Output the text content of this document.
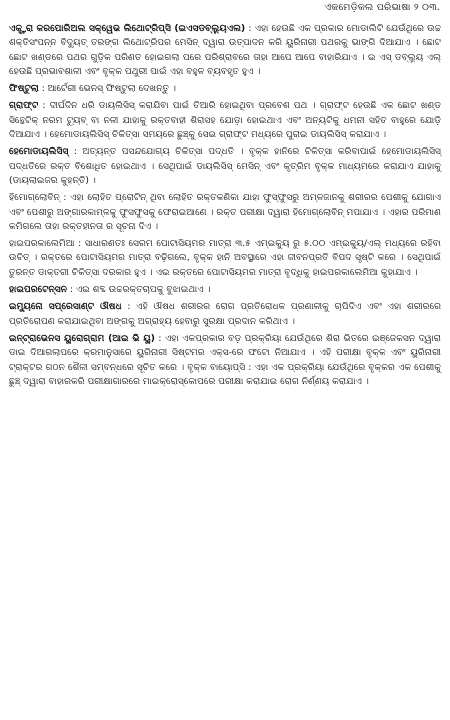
ଏକମେଡ଼ିକଲ ପରିଭାଷା ୨ ୦୩.

ଏକ୍ସ୍ଟ୍ରା କରପୋରିଅଲ ସକ୍‌ୱେଭ ଲିଥୋଟ୍ରିପ୍‌ସି (ଇଏସଡବ୍ଲ୍ୟୁଏଲ) : ଏହା ହେଉଛି ଏକ ପ୍ରକାର ମୋଡାଲିଟି ଯେଉଁଥିରେ ଉଚ୍ଚ ଶକ୍ତିସଂପନ୍ନ ବିଦ୍ୟୁତ୍ ତରଙ୍ଗ ଲିଥୋଟ୍ରିପର ମେସିନ୍ ଦ୍ୱାରା ଉତ୍ପାଦନ କରି ୟୁରିନାରୀ ପଥରକୁ ଭାଙ୍ଗି ଦିଆଯାଏ । ଛୋଟ ଛୋଟ ଖଣ୍ଡରେ ପଥର ଗୁଡ଼ିକ ପରିଣତ ହୋଇଗଲା ପରେ ପରିଶ୍ରାବରେ ତାହା ଆପେ ଆପେ ବାହାରିଯାଏ । ଇ ଏସ୍ ଡବ୍ଲ୍ୟୁ ଏଲ୍ ହେଉଛି ପ୍ରଭାବଶାଳୀ ଏବଂ ବୃକ୍କ ପଥୁରୀ ପାଇଁ ଏହା ବହୁଳ ବ୍ୟବହୃତ ହୁଏ ।

ଫିଷ୍ଟୁଲା : ଆର୍ଟେରୀ ଭେନସ୍ ଫିଷ୍ଟୁଲା ଦେଖନ୍ତୁ ।

ଗ୍ରାଫ୍ଟ : ଦୀର୍ଘଦିନ ଧରି ଡାୟଲିସିସ୍ କରାଯିବା ପାଇଁ ତିଆରି ହୋଇଥିବା ପ୍ରବେଶ ପଥ । ଗ୍ରାଫ୍ଟ ହେଉଛି ଏକ ଛୋଟ ଖଣ୍ଡ ସିନ୍ଥେଟିକ୍ ନରମ ଟ୍ୟୁବ୍ ବା ନଳୀ ଯାହାକୁ ରକ୍ତବାହୀ ଶିରାସହ ଯୋଡ଼ା ହୋଇଥାଏ ଏବଂ ଅନ୍ୟଟିକୁ ଧମନୀ ସହିତ ବାହୁରେ ଯୋଡ଼ି ଦିଆଯାଏ । ହେମୋଡାୟଲିସିସ୍ ଚିକିତ୍ସା ସମୟରେ ଛୁଞ୍ଚ୍କୁ ସେଇ ଗ୍ରାଫ୍ଟ ମଧ୍ୟରେ ପୁରାଇ ଡାୟଲିସିସ୍ କରାଯାଏ ।

ହେମୋଡାୟଲିସିସ୍ : ଅତ୍ୟନ୍ତ ପସନ୍ଦଯୋଗ୍ୟ ଚିକିତ୍ସା ପଦ୍ଧତି । ବୃକ୍କ ହାନିରେ ଚିକିତ୍ସା କରିବାପାଇଁ ହେମୋଡାୟଲିସିସ୍ ପଦ୍ଧତିରେ ରକ୍ତ ବିଶୋଧିତ ହୋଇଥାଏ । ସେଥିପାଇଁ ଡାୟଲିସିସ୍ ମେସିନ୍ ଏବଂ କୃତ୍ରିମ ବୃକ୍କ ମାଧ୍ୟମରେ କରାଯାଏ ଯାହାକୁ (ଡାୟଲାଇଜର କୁହନ୍ତି) ।

ହିମୋଗ୍ଲୋବିନ୍ : ଏହା ଲୋହିତ ପ୍ରୋଟିନ୍ ଥିବା ଲୋହିତ ରକ୍ତକଣିକା ଯାହା ଫୁସ୍‌ଫୁସରୁ ଅମ୍ଳଜାନକୁ ଶରୀରର ପେଶୀକୁ ଯୋଗାଏ ଏବଂ ପେଶୀରୁ ଅଙ୍ଗାରକାମ୍ଳକୁ ଫୁସଫୁସକୁ ଫେରାଇଆଣେ । ରକ୍ତ ପରୀକ୍ଷା ଦ୍ୱାରା ହିମୋଗ୍ଲୋବିନ୍ ମପାଯାଏ । ଏହାର ପରିମାଣ କମିଗଲେ ତାହା ରକ୍ତହୀନତା ର ସୂଚନା ଦିଏ ।

ହାଇପରକାଲେମିଆ : ସାଧାରଣତଃ ସେରମ ପୋଟାସିୟମର ମାତ୍ରା ୩.୫ ଏମ୍‌ଇକ୍ୟୁ ରୁ ୫.୦୦ ଏମ୍‌ଇକ୍ୟୁ/ଏଲ୍ ମଧ୍ୟରେ ରହିବା ଉଚିତ୍ । ରକ୍ତରେ ପୋଟାସିୟମର ମାତ୍ରା ବଢ଼ିଗଲେ, ବୃକ୍କ ହାନି ଅବସ୍ଥାରେ ଏହା ଜୀବନପ୍ରତି ବିପଦ ସୃଷ୍ଟି କରେ । ସେଥିପାଇଁ ତୁରନ୍ତ ଡାକ୍ତରୀ ଚିକିତ୍ସା ଦରକାର ହୁଏ । ଏଇ ରକ୍ତରେ ପୋଟାସିୟମର ମାତ୍ରା ବୃଦ୍ଧିକୁ ହାଇପରକାଲେମିଆ କୁହାଯାଏ ।

ହାଇପରଟେନ୍‌ସନ : ଏଇ ଶବ୍ଦ ଉଚ୍ଚରକ୍ତଚାପକୁ ବୁଝାଇଥାଏ ।

ଇମ୍ୟୁନୋ ସପ୍ରେସାଣ୍ଟ ଔଷଧ : ଏହି ଔଷଧ ଶରୀରର ରୋଗ ପ୍ରତିରୋଧକ ପ୍ରଣାଳୀକୁ ଚାପିଦିଏ ଏବଂ ଏହା ଶରୀରରେ ପ୍ରତିରୋପଣ କରାଯାଇଥିବା ଅଙ୍ଗକୁ ଅଗ୍ରାହ୍ୟ ହେବାରୁ ସୁରକ୍ଷା ପ୍ରଦାନ କରିଥାଏ ।

ଇନ୍‌ଟ୍ରାଭେନସ ୟୁରୋଗ୍ରାମ (ଆଇ ଭି ୟୁ) : ଏହା ଏକପ୍ରକାର ବଡ଼ ପ୍ରକ୍ରିୟା ଯେଉଁଥିରେ ଶିରା ଭିତରେ ଇଞ୍ଜେକସନ ଦ୍ୱାରା ଡାଇ ଦିଆଗଲାପରେ କ୍ରମାନୁସାରେ ୟୁରିନାରୀ ସିଷ୍ଟମର ଏକ୍ସ-ରେ ଫଟୋ ନିଆଯାଏ । ଏହି ପରୀକ୍ଷା ବୃକ୍କ ଏବଂ ୟୁରିନାରୀ ଟ୍ରାକ୍ଟର ଗଠନ ଶୈଳୀ ସମ୍ବନ୍ଧରେ ସୂଚିତ କରେ । ବୃକ୍କ ବାୟୋପ୍‌ସି : ଏହା ଏକ ପ୍ରକ୍ରିୟା ଯେଉଁଥିରେ ବୃକ୍କର ଏକ ପେଶୀକୁ ଛୁଞ୍ଚ୍ ଦ୍ୱାରା ବାହାରକରି ପରୀକ୍ଷାଗାରରେ ମାଇକ୍ରୋସ୍କୋପରେ ପରୀକ୍ଷା କରାଯାଇ ରୋଗ ନିର୍ଣ୍ଣୟ କରାଯାଏ ।
